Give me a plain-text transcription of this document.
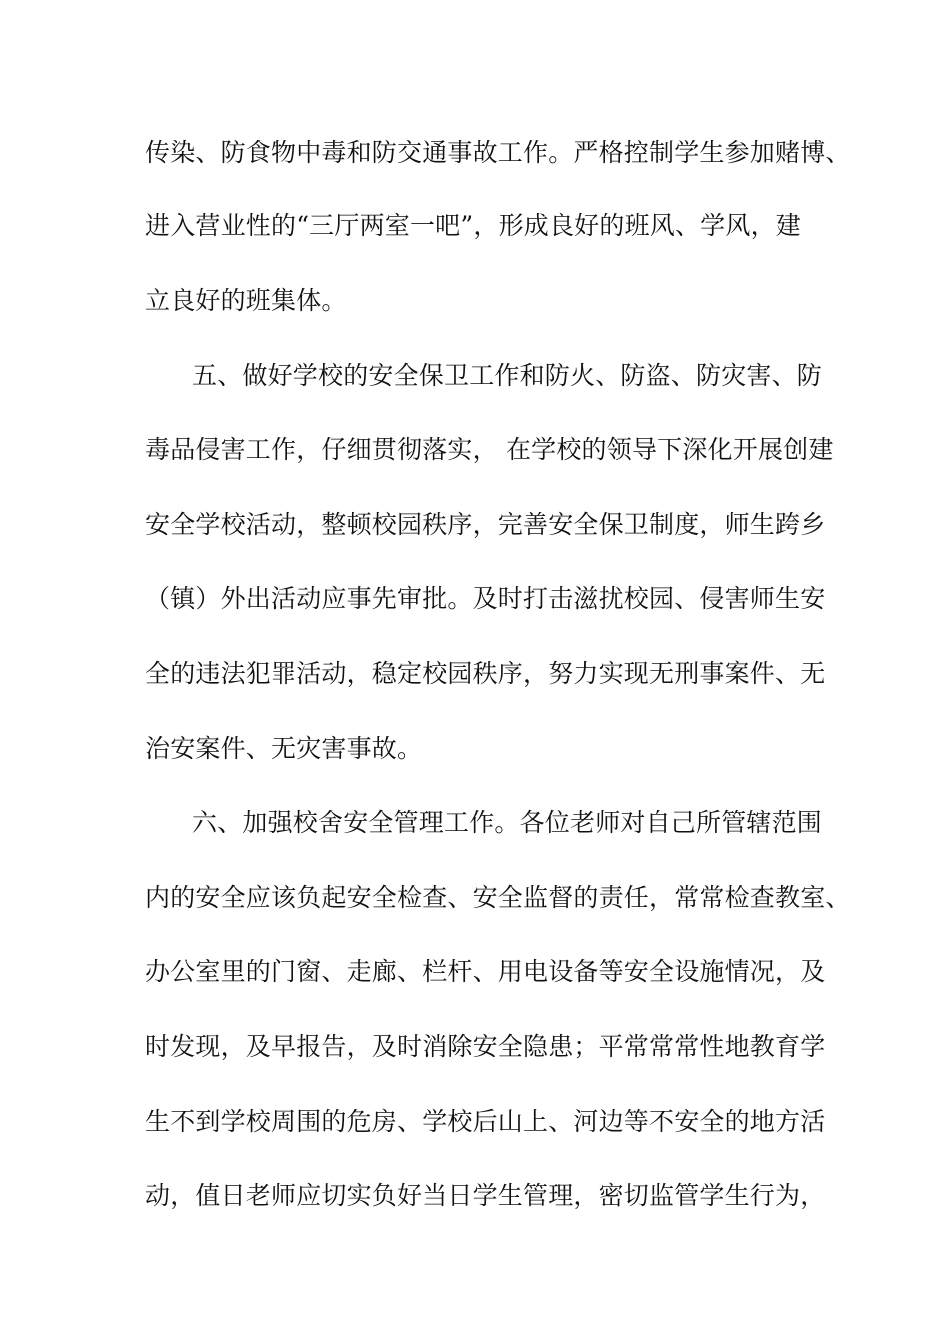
传染、防食物中毒和防交通事故工作。严格控制学生参加赌博、
进入营业性的“三厅两室一吧”，形成良好的班风、学风，建
立良好的班集体。
五、做好学校的安全保卫工作和防火、防盗、防灾害、防
毒品侵害工作，仔细贯彻落实， 在学校的领导下深化开展创建
安全学校活动，整顿校园秩序，完善安全保卫制度，师生跨乡
（镇）外出活动应事先审批。及时打击滋扰校园、侵害师生安
全的违法犯罪活动，稳定校园秩序，努力实现无刑事案件、无
治安案件、无灾害事故。
六、加强校舍安全管理工作。各位老师对自己所管辖范围
内的安全应该负起安全检查、安全监督的责任，常常检查教室、
办公室里的门窗、走廊、栏杆、用电设备等安全设施情况，及
时发现，及早报告，及时消除安全隐患；平常常常性地教育学
生不到学校周围的危房、学校后山上、河边等不安全的地方活
动，值日老师应切实负好当日学生管理，密切监管学生行为，
